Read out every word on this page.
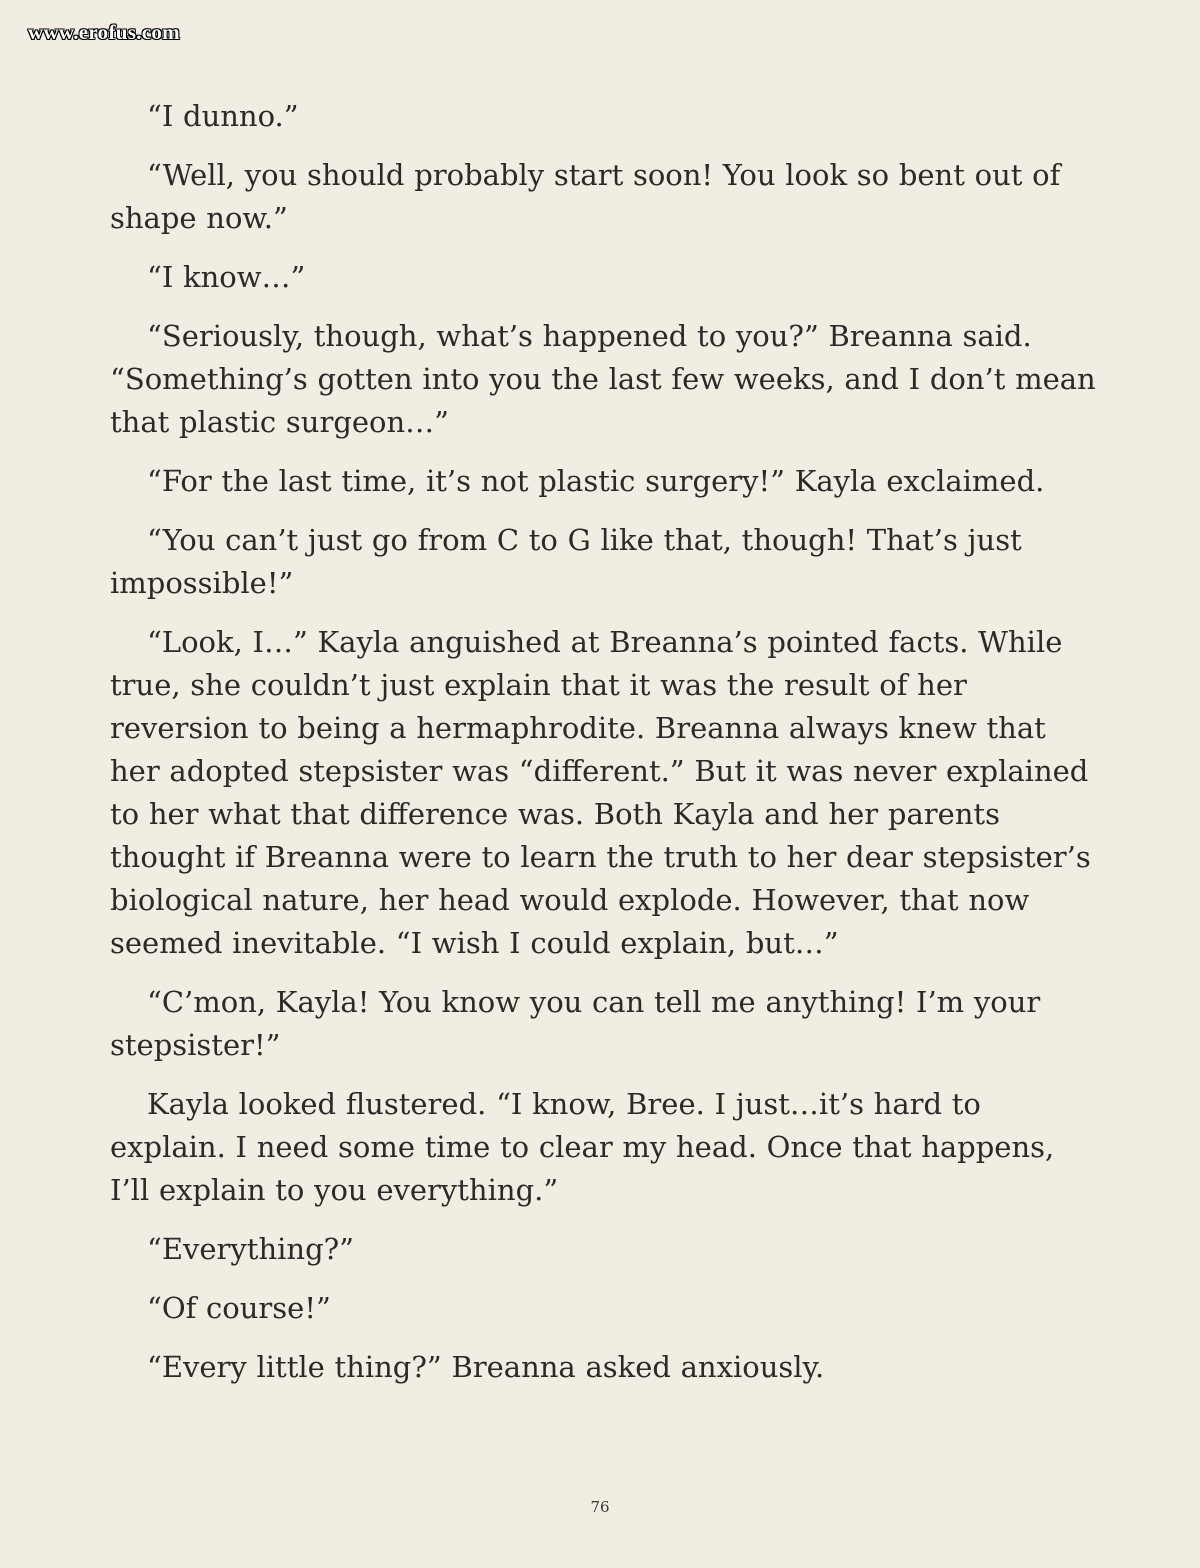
www.erofus.com

“I dunno.”

“Well, you should probably start soon! You look so bent out of shape now.”

“I know…”

“Seriously, though, what’s happened to you?” Breanna said. “Something’s gotten into you the last few weeks, and I don’t mean that plastic surgeon…”

“For the last time, it’s not plastic surgery!” Kayla exclaimed.

“You can’t just go from C to G like that, though! That’s just impossible!”

“Look, I…” Kayla anguished at Breanna’s pointed facts. While true, she couldn’t just explain that it was the result of her reversion to being a hermaphrodite. Breanna always knew that her adopted stepsister was “different.” But it was never explained to her what that difference was. Both Kayla and her parents thought if Breanna were to learn the truth to her dear stepsister’s biological nature, her head would explode. However, that now seemed inevitable. “I wish I could explain, but…”

“C’mon, Kayla! You know you can tell me anything! I’m your stepsister!”

Kayla looked flustered. “I know, Bree. I just…it’s hard to explain. I need some time to clear my head. Once that happens, I’ll explain to you everything.”

“Everything?”

“Of course!”

“Every little thing?” Breanna asked anxiously.

76
